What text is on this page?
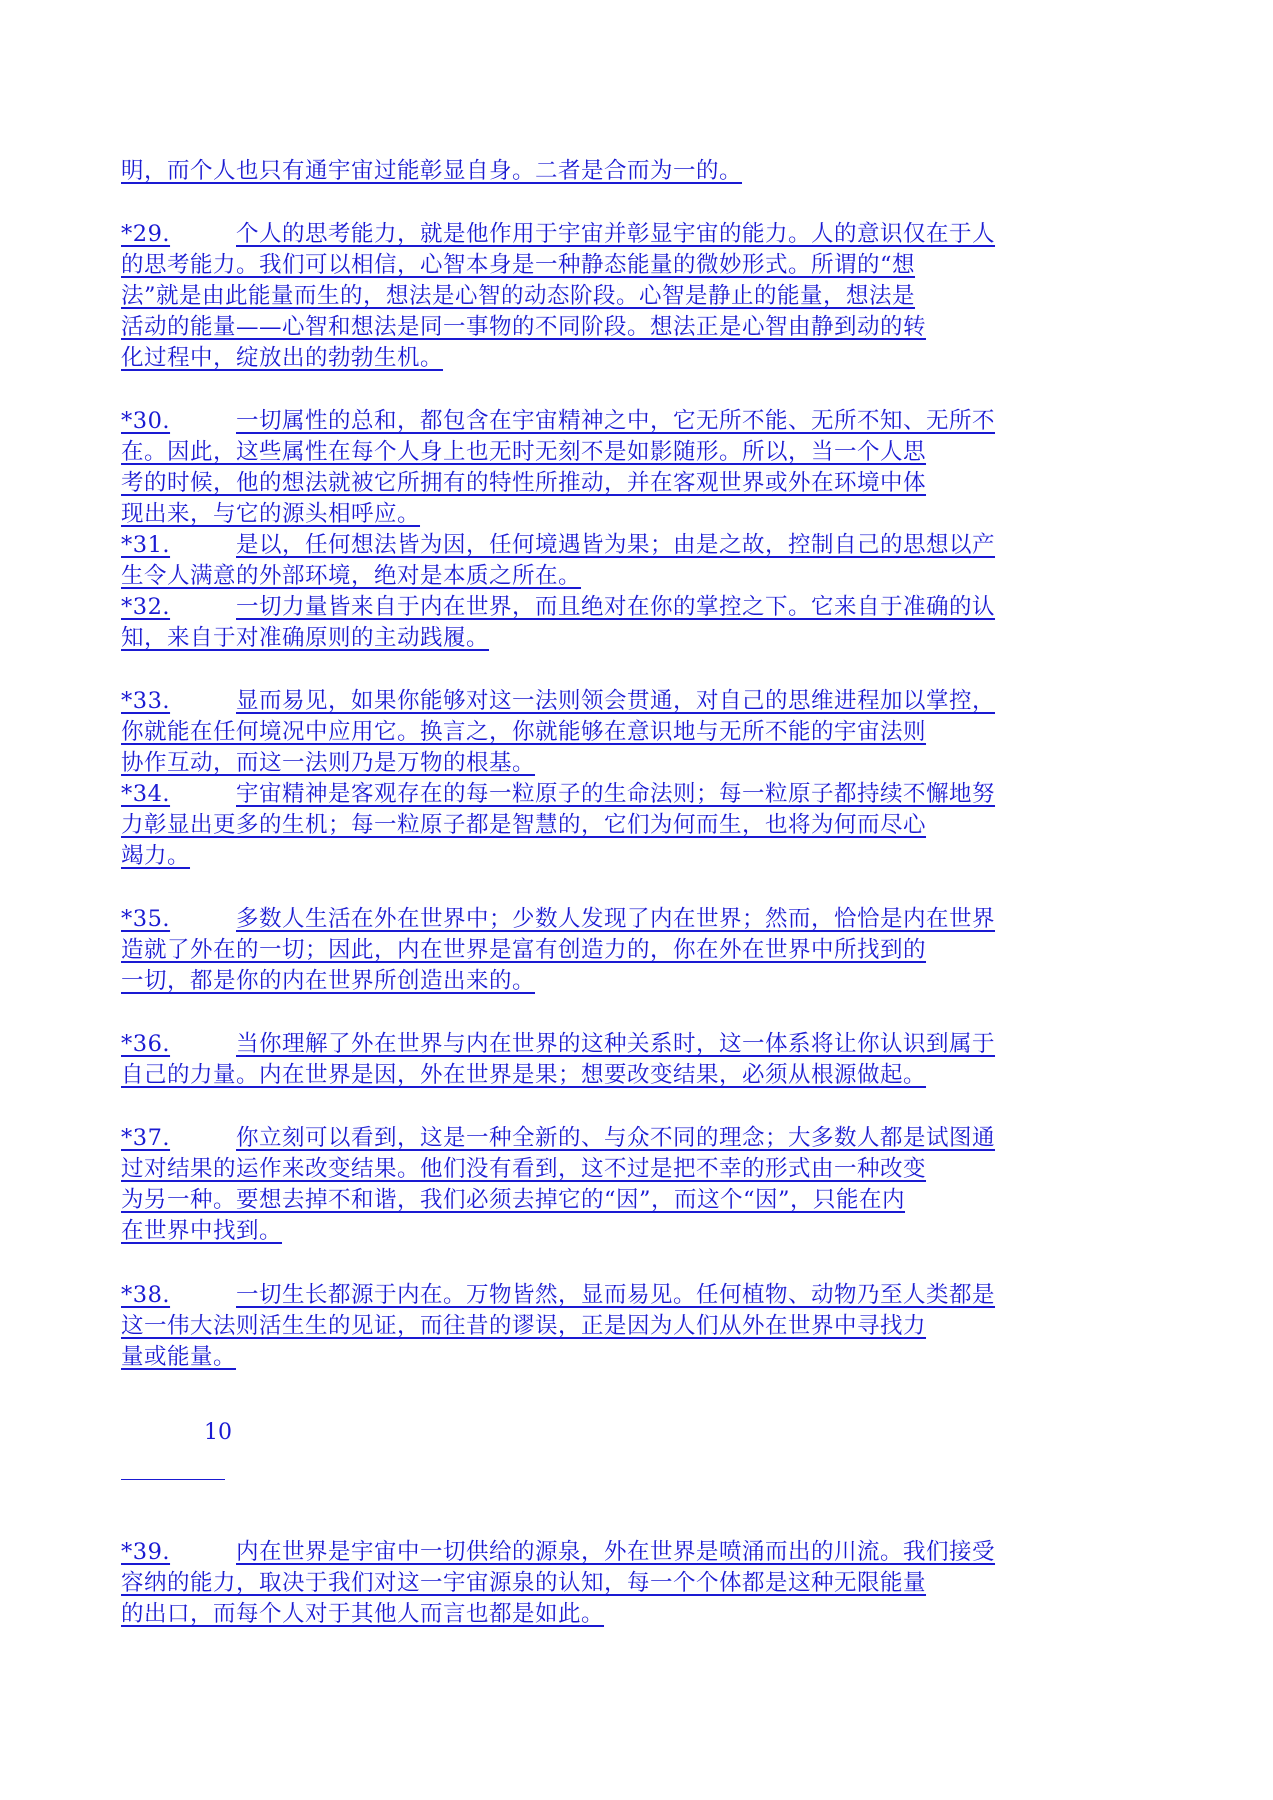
明，而个人也只有通宇宙过能彰显自身。二者是合而为一的。
*29.	个人的思考能力，就是他作用于宇宙并彰显宇宙的能力。人的意识仅在于人
的思考能力。我们可以相信，心智本身是一种静态能量的微妙形式。所谓的“想
法”就是由此能量而生的，想法是心智的动态阶段。心智是静止的能量，想法是
活动的能量——心智和想法是同一事物的不同阶段。想法正是心智由静到动的转
化过程中，绽放出的勃勃生机。
*30.	一切属性的总和，都包含在宇宙精神之中，它无所不能、无所不知、无所不
在。因此，这些属性在每个人身上也无时无刻不是如影随形。所以，当一个人思
考的时候，他的想法就被它所拥有的特性所推动，并在客观世界或外在环境中体
现出来，与它的源头相呼应。
*31.	是以，任何想法皆为因，任何境遇皆为果；由是之故，控制自己的思想以产
生令人满意的外部环境，绝对是本质之所在。
*32.	一切力量皆来自于内在世界，而且绝对在你的掌控之下。它来自于准确的认
知，来自于对准确原则的主动践履。
*33.	显而易见，如果你能够对这一法则领会贯通，对自己的思维进程加以掌控，
你就能在任何境况中应用它。换言之，你就能够在意识地与无所不能的宇宙法则
协作互动，而这一法则乃是万物的根基。
*34.	宇宙精神是客观存在的每一粒原子的生命法则；每一粒原子都持续不懈地努
力彰显出更多的生机；每一粒原子都是智慧的，它们为何而生，也将为何而尽心
竭力。
*35.	多数人生活在外在世界中；少数人发现了内在世界；然而，恰恰是内在世界
造就了外在的一切；因此，内在世界是富有创造力的，你在外在世界中所找到的
一切，都是你的内在世界所创造出来的。
*36.	当你理解了外在世界与内在世界的这种关系时，这一体系将让你认识到属于
自己的力量。内在世界是因，外在世界是果；想要改变结果，必须从根源做起。
*37.	你立刻可以看到，这是一种全新的、与众不同的理念；大多数人都是试图通
过对结果的运作来改变结果。他们没有看到，这不过是把不幸的形式由一种改变
为另一种。要想去掉不和谐，我们必须去掉它的“因”，而这个“因”，只能在内
在世界中找到。
*38.	一切生长都源于内在。万物皆然，显而易见。任何植物、动物乃至人类都是
这一伟大法则活生生的见证，而往昔的谬误，正是因为人们从外在世界中寻找力
量或能量。
10
*39.	内在世界是宇宙中一切供给的源泉，外在世界是喷涌而出的川流。我们接受
容纳的能力，取决于我们对这一宇宙源泉的认知，每一个个体都是这种无限能量
的出口，而每个人对于其他人而言也都是如此。
